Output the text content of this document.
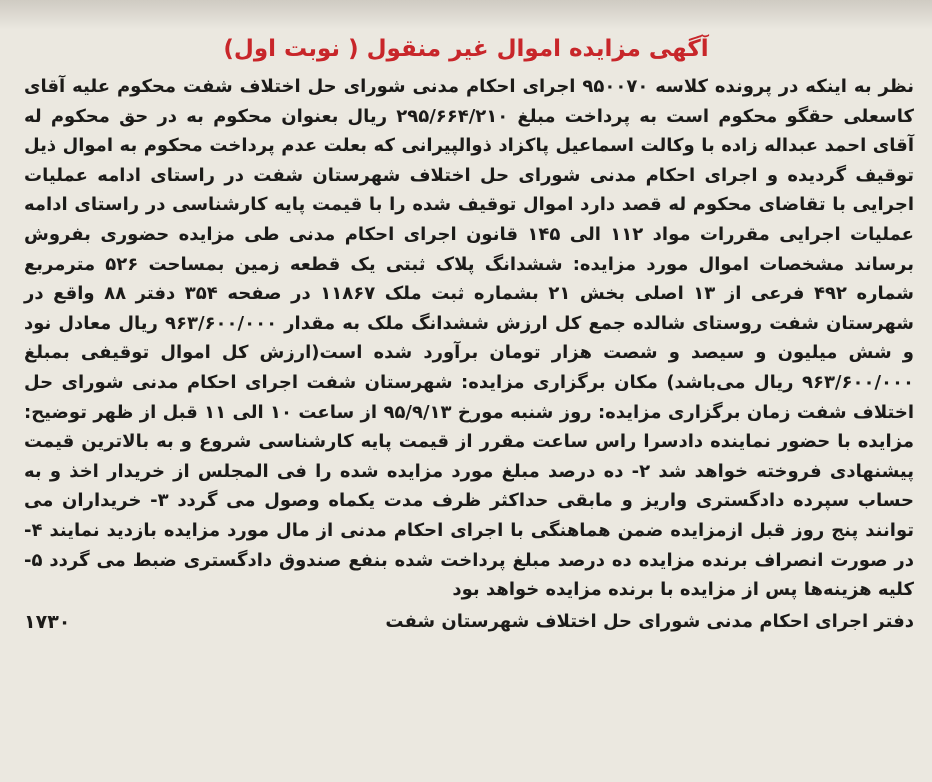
آگهی مزایده اموال غیر منقول ( نوبت اول)
نظر به اینکه در پرونده کلاسه ۹۵۰۰۷۰ اجرای احکام مدنی شورای حل اختلاف شفت محکوم علیه آقای کاسعلی حقگو محکوم است به پرداخت مبلغ ۲۹۵/۶۶۴/۲۱۰ ریال بعنوان محکوم به در حق محکوم له آقای احمد عبداله زاده با وکالت اسماعیل پاکزاد ذوالپیرانی که بعلت عدم پرداخت محکوم به اموال ذیل توقیف گردیده و اجرای احکام مدنی شورای حل اختلاف شهرستان شفت در راستای ادامه عملیات اجرایی با تقاضای محکوم له قصد دارد اموال توقیف شده را با قیمت پایه کارشناسی در راستای ادامه عملیات اجرایی مقررات مواد ۱۱۲ الی ۱۴۵ قانون اجرای احکام مدنی طی مزایده حضوری بفروش برساند مشخصات اموال مورد مزایده: ششدانگ پلاک ثبتی یک قطعه زمین بمساحت ۵۲۶ مترمربع شماره ۴۹۲ فرعی از ۱۳ اصلی بخش ۲۱ بشماره ثبت ملک ۱۱۸۶۷ در صفحه ۳۵۴ دفتر ۸۸ واقع در شهرستان شفت روستای شالده جمع کل ارزش ششدانگ ملک به مقدار ۹۶۳/۶۰۰/۰۰۰ ریال معادل نود و شش میلیون و سیصد و شصت هزار تومان برآورد شده است(ارزش کل اموال توقیفی بمبلغ ۹۶۳/۶۰۰/۰۰۰ ریال می‌باشد) مکان برگزاری مزایده: شهرستان شفت اجرای احکام مدنی شورای حل اختلاف شفت زمان برگزاری مزایده: روز شنبه مورخ ۹۵/۹/۱۳ از ساعت ۱۰ الی ۱۱ قبل از ظهر توضیح: مزایده با حضور نماینده دادسرا راس ساعت مقرر از قیمت پایه کارشناسی شروع و به بالاترین قیمت پیشنهادی فروخته خواهد شد ۲- ده درصد مبلغ مورد مزایده شده را فی المجلس از خریدار اخذ و به حساب سپرده دادگستری واریز و مابقی حداکثر ظرف مدت یکماه وصول می گردد ۳- خریداران می توانند پنج روز قبل ازمزایده ضمن هماهنگی با اجرای احکام مدنی از مال مورد مزایده بازدید نمایند ۴- در صورت انصراف برنده مزایده ده درصد مبلغ پرداخت شده بنفع صندوق دادگستری ضبط می گردد ۵- کلیه هزینه‌ها پس از مزایده با برنده مزایده خواهد بود
دفتر اجرای احکام مدنی شورای حل اختلاف شهرستان شفت
۱۷۳۰
